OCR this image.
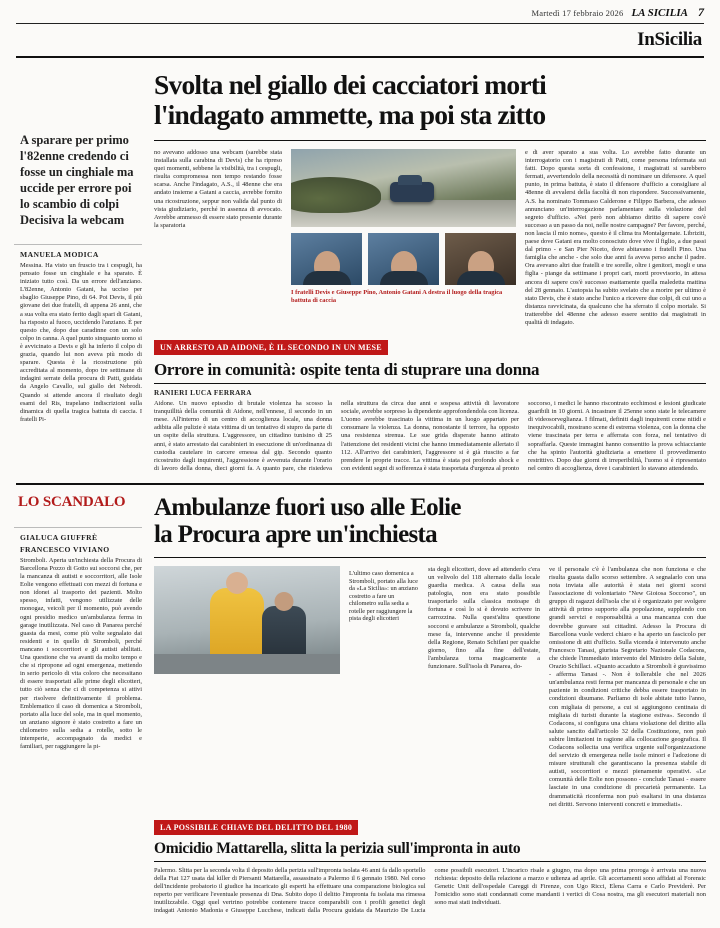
Martedì 17 febbraio 2026 LA SICILIA 7
InSicilia
A sparare per primo l'82enne credendo ci fosse un cinghiale ma uccide per errore poi lo scambio di colpi Decisiva la webcam
MANUELA MODICA
Messina. Ha visto un fruscio tra i cespugli, ha pensato fosse un cinghiale e ha sparato. È iniziato tutto così. Da un errore dell'anziano. L'82enne, Antonio Gatani, ha ucciso per sbaglio Giuseppe Pino, di 64. Poi Devis, il più giovane dei due fratelli, di appena 26 anni, che a sua volta era stato ferito dagli spari di Gatani, ha risposto al fuoco, uccidendo l'anziano. È per questo che, dopo due caradinne con un solo colpo in canna. A quel punto sinquanto uomo si è avvicinato a Devis e gli ha inferto il colpo di grazia, quando lui non aveva più modo di sparare. Questa è la ricostruzione più accreditata al momento, dopo tre settimane di indagini serrate della procura di Patti, guidata da Angelo Cavallo, sul giallo dei Nebrodi. Quando si attende ancora il risultato degli esami del Ris, trapelano indiscrizioni sulla dinamica di quella tragica battuta di caccia. I fratelli Pi-
Svolta nel giallo dei cacciatori morti
l'indagato ammette, ma poi sta zitto
no avevano addosso una webcam (sarebbe stata installata sulla carabina di Devis) che ha ripreso quei momenti, sebbene la visibilità, tra i cespugli, risulta compromessa non tempo restando fosse scarsa. Anche l'indagato, A.S., il 48enne che era andato insieme a Gatani a caccia, avrebbe fornito una ricostruzione, seppur non valida dal punto di vista giudiziario, perché in assenza di avvocato. Avrebbe ammesso di essere stato presente durante la sparatoria
I fratelli Devis e Giuseppe Pino, Antonio Gatani A destra il luogo della tragica battuta di caccia
e di aver sparato a sua volta. Lo avrebbe fatto durante un interrogatorio con i magistrati di Patti, come persona informata sui fatti. Dopo questa sorta di confessione, i magistrati si sarebbero fermati, avvertendolo della necessità di nominare un difensore. A quel punto, in prima battuta, è stato il difensore d'ufficio a consigliare al 48enne di avvalersi della facoltà di non rispondere. Successivamente, A.S. ha nominato Tommaso Calderone e Filippo Barbera, che adesso annunciano un'interrogazione parlamentare sulla violazione del segreto d'ufficio. «Nei però non abbiamo diritto di sapere cos'è successo a un passo da noi, nelle nostre campagne? Per favore, perché, non lascia il mio nome», questo è il clima tra Montalgernate. Libriziti, paese dove Gatani era molto conosciuto dove vive il figlio, a due passi dal primo - e San Pier Niceto, dove abitavano i fratelli Pino. Una famiglia che anche - che solo due anni fa aveva perso anche il padre. Ora avevano altri due fratelli e tre sorelle, oltre i genitori, mogli e una figlia - piange da settimane i propri cari, morti provvisorio, in attesa ancora di sapere cos'è successo esattamente quella maledetta mattina del 28 gennaio. L'autopsia ha subito svelato che a morire per ultimo è stato Devis, che è stato anche l'unico a ricevere due colpi, di cui uno a distanza ravvicinata, da qualcuno che ha sferrato il colpo mortale. Si tratterebbe del 48enne che adesso essere sentito dai magistrati in qualità di indagato.
UN ARRESTO AD AIDONE, È IL SECONDO IN UN MESE
Orrore in comunità: ospite tenta di stuprare una donna
RANIERI LUCA FERRARA
Aidone. Un nuovo episodio di brutale violenza ha scosso la tranquillità della comunità di Aidone, nell'ennese, il secondo in un mese. All'interno di un centro di accoglienza locale, una donna adibita alle pulizie è stata vittima di un tentativo di stupro da parte di un ospite della struttura. L'aggressore, un cittadino tunisino di 25 anni, è stato arrestato dai carabinieri in esecuzione di un'ordinanza di custodia cautelare in carcere emessa dal gip. Secondo quanto ricostruito dagli inquirenti, l'aggressione è avvenuta durante l'orario di lavoro della donna, dieci giorni fa. A quanto pare, che risiedeva nella struttura da circa due anni e sospesa attività di lavoratore sociale, avrebbe sorpreso la dipendente approfondendola con licenza. L'uomo avrebbe trascinato la vittima in un luogo appartato per consumare la violenza. La donna, nonostante il terrore, ha opposto una resistenza strenua. Le sue grida disperate hanno attirato l'attenzione dei residenti vicini che hanno immediatamente allertato il 112. All'arrivo dei carabinieri, l'aggressore si è già riuscito a far prendere le proprie tracce. La vittima è stata poi profondo shock e con evidenti segni di sofferenza è stata trasportata d'urgenza al pronto soccorso, i medici le hanno riscontrato ecchimosi e lesioni giudicate guaribili in 10 giorni. A incastrare il 25enne sono state le telecamere di videosorveglianza. I filmati, definiti dagli inquirenti come nitidi e inequivocabili, mostrano scene di estrema violenza, con la donna che viene trascinata per terra e afferrata con forza, nel tentativo di sopraffarla. Queste immagini hanno consentito la prova schiacciante che ha spinto l'autorità giudiziaria a emettere il provvedimento restrittivo. Dopo due giorni di irreperibilità, l'uomo si è ripresentato nel centro di accoglienza, dove i carabinieri lo stavano attendendo.
LO SCANDALO
GIALUCA GIUFFRÈ
FRANCESCO VIVIANO
Stromboli. Aperta un'inchiesta della Procura di Barcellona Pozzo di Gotto sui soccorsi che, per la mancanza di autisti e soccorritori, alle Isole Eolie vengono effettuati con mezzi di fortuna e non idonei al trasporto dei pazienti. Molto spesso, infatti, vengono utilizzate delle monogaz, veicoli per il momento, può avendo ogni presidio medico un'ambulanza ferma in garage inutilizzata. Nel caso di Panarea perché guasta da mesi, come più volte segnalato dai residenti e in quello di Stromboli, perché mancano i soccorritori e gli autisti abilitati. Una questione che va avanti da molto tempo e che si ripropone ad ogni emergenza, mettendo in serio pericolo di vita coloro che necessitano di essere trasportati alle prime degli elicotteri, tutto ciò senza che ci di competenza si attivi per risolvere definitivamente il problema. Emblematico il caso di domenica a Stromboli, portato alla luce del sole, ma in quel momento, un anziano signore è stato costretto a fare un chilometro sulla sedia a rotelle, sotto le intemperie, accompagnato da medici e familiari, per raggiungere la pi-
Ambulanze fuori uso alle Eolie
la Procura apre un'inchiesta
L'ultimo caso domenica a Stromboli, portato alla luce da «La Sicilia»: un anziano costretto a fare un chilometro sulla sedia a rotelle per raggiungere la pista degli elicotteri
sta degli elicotteri, dove ad attenderlo c'era un velivolo del 118 alternato dalla locale guardia medica. A causa della sua patologia, non era stato possibile trasportarlo sulla classica motoape di fortuna e così lo si è dovuto scrivere in carrozzina. Nulla quest'altra questione soccorsi e ambulanze a Stromboli, qualche mese fa, intervenne anche il presidente della Regione, Renato Schifani per qualche giorno, fino alla fine dell'estate, l'ambulanza torna magicamente a funzionare. Sull'isola di Panarea, do-
ve il personale c'è è l'ambulanza che non funziona e che risulta guasta dallo scorso settembre. A segnalarlo con una nota inviata alle autorità è stata nei giorni scorsi l'associazione di volontariato "New Gioiosa Soccorso", un gruppo di ragazzi dell'isola che si è organizzato per svolgere attività di primo supporto alla popolazione, supplendo con grandi servizi e responsabilità a una mancanza con due dovrebbe gravare sui cittadini. Adesso la Procura di Barcellona vuole vederci chiaro e ha aperto un fascicolo per omissione di atti d'ufficio. Sulla vicenda è intervenuto anche Francesco Tanasi, giurista Segretario Nazionale Codacons, che chiede l'immediato intervento del Ministro della Salute, Orazio Schillaci. «Quanto accaduto a Stromboli è gravissimo - afferma Tanasi -. Non è tollerabile che nel 2026 un'ambulanza resti ferma per mancanza di personale e che un paziente in condizioni critiche debba essere trasportato in condizioni disumane. Parliamo di isole abitate tutto l'anno, con migliaia di persone, a cui si aggiungono centinaia di migliaia di turisti durante la stagione estiva». Secondo il Codacons, si configura una chiara violazione del diritto alla salute sancito dall'articolo 32 della Costituzione, non può subire limitazioni in ragione alla collocazione geografica. Il Codacons sollecita una verifica urgente sull'organizzazione del servizio di emergenza nelle isole minori e l'adozione di misure strutturali che garantiscano la presenza stabile di autisti, soccorritori e mezzi pienamente operativi. «Le comunità delle Eolie non possono - conclude Tanasi - essere lasciate in una condizione di precarietà permanente. La drammaticità riconferma non può esaltarsi in una distanza nei diritti. Servono interventi concreti e immediati».
LA POSSIBILE CHIAVE DEL DELITTO DEL 1980
Omicidio Mattarella, slitta la perizia sull'impronta in auto
Palermo. Slitta per la seconda volta il deposito della perizia sull'impronta isolata 46 anni fa dallo sportello della Fiat 127 usata dal killer di Piersanti Mattarella, assassinato a Palermo il 6 gennaio 1980. Nel corso dell'incidente probatorio il giudice ha incaricato gli esperti ha effettuare una comparazione biologica sul reperto per verificare l'eventuale presenza di Dna. Subito dopo il delitto l'impronta fu isolata ma rimessa inutilizzabile. Oggi quel vertrino potrebbe contenere tracce comparabili con i profili genetici degli indagati Antonio Madonia e Giuseppe Lucchese, indicati dalla Procura guidata da Maurizio De Lucia come possibili esecutori. L'incarico risale a giugno, ma dopo una prima proroga è arrivata una nuova richiesta: deposito della relazione a marzo e udienza ad aprile. Gli accertamenti sono affidati al Forensic Genetic Unit dell'ospedale Careggi di Firenze, con Ugo Ricci, Elena Carra e Carlo Previderè. Per l'omicidio sono stati condannati come mandanti i vertici di Cosa nostra, ma gli esecutori materiali non sono mai stati individuati.
